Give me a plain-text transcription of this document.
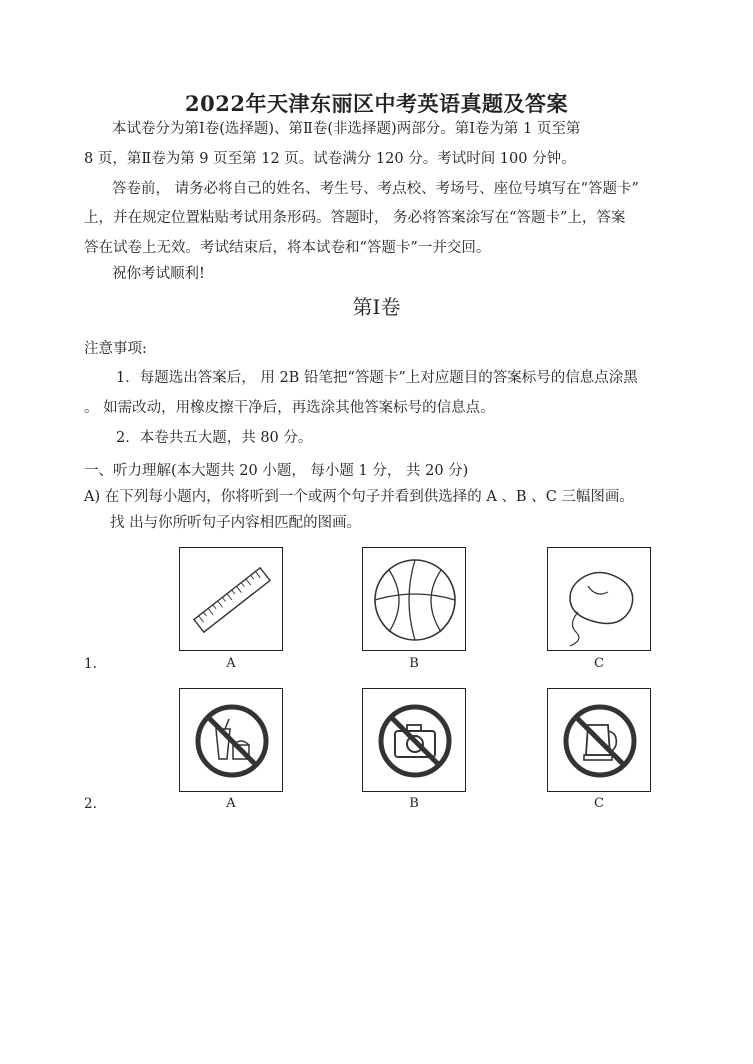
2022年天津东丽区中考英语真题及答案
本试卷分为第Ⅰ卷(选择题)、第Ⅱ卷(非选择题)两部分。第Ⅰ卷为第 1 页至第
8 页，第Ⅱ卷为第 9 页至第 12 页。试卷满分 120 分。考试时间 100 分钟。
答卷前， 请务必将自己的姓名、考生号、考点校、考场号、座位号填写在“答题卡”
上，并在规定位置粘贴考试用条形码。答题时， 务必将答案涂写在“答题卡”上，答案
答在试卷上无效。考试结束后，将本试卷和“答题卡”一并交回。
祝你考试顺利!
第Ⅰ卷
注意事项:
1．每题选出答案后， 用 2B 铅笔把“答题卡”上对应题目的答案标号的信息点涂黑
。 如需改动，用橡皮擦干净后，再选涂其他答案标号的信息点。
2．本卷共五大题，共 80 分。
一、听力理解(本大题共 20 小题， 每小题 1 分， 共 20 分)
A) 在下列每小题内，你将听到一个或两个句子并看到供选择的 A 、B 、C 三幅图画。
找 出与你所听句子内容相匹配的图画。
1.	A	B	C
2.	A	B	C
